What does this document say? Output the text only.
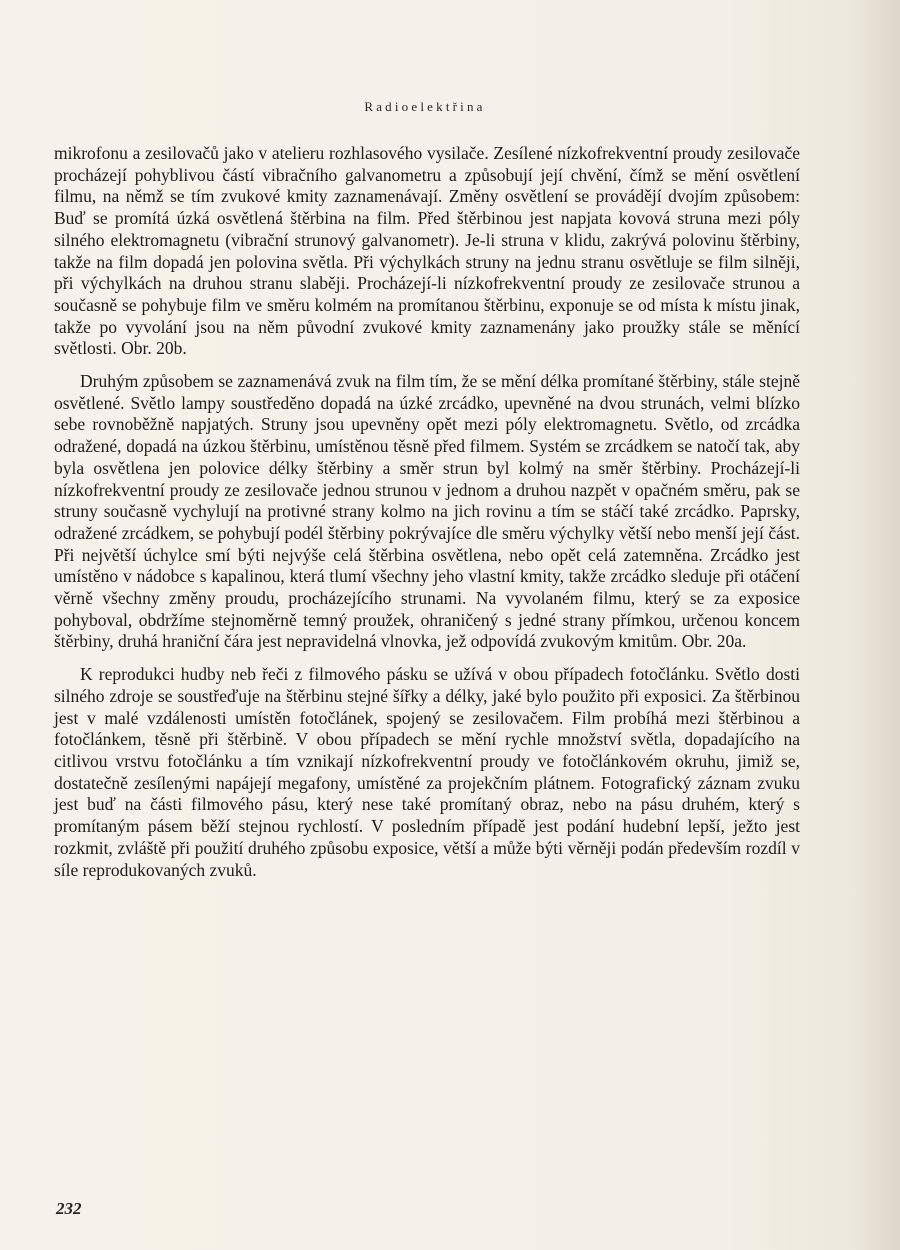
Radioelektřina

mikrofonu a zesilovačů jako v atelieru rozhlasového vysilače. Zesílené nízkofrekventní proudy zesilovače procházejí pohyblivou částí vibračního galvanometru a způsobují její chvění, čímž se mění osvětlení filmu, na němž se tím zvukové kmity zaznamenávají. Změny osvětlení se provádějí dvojím způsobem: Buď se promítá úzká osvětlená štěrbina na film. Před štěrbinou jest napjata kovová struna mezi póly silného elektromagnetu (vibrační strunový galvanometr). Je-li struna v klidu, zakrývá polovinu štěrbiny, takže na film dopadá jen polovina světla. Při výchylkách struny na jednu stranu osvětluje se film silněji, při výchylkách na druhou stranu slaběji. Procházejí-li nízkofrekventní proudy ze zesilovače strunou a současně se pohybuje film ve směru kolmém na promítanou štěrbinu, exponuje se od místa k místu jinak, takže po vyvolání jsou na něm původní zvukové kmity zaznamenány jako proužky stále se měnící světlosti. Obr. 20b.

Druhým způsobem se zaznamenává zvuk na film tím, že se mění délka promítané štěrbiny, stále stejně osvětlené. Světlo lampy soustředěno dopadá na úzké zrcádko, upevněné na dvou strunách, velmi blízko sebe rovnoběžně napjatých. Struny jsou upevněny opět mezi póly elektromagnetu. Světlo, od zrcádka odražené, dopadá na úzkou štěrbinu, umístěnou těsně před filmem. Systém se zrcádkem se natočí tak, aby byla osvětlena jen polovice délky štěrbiny a směr strun byl kolmý na směr štěrbiny. Procházejí-li nízkofrekventní proudy ze zesilovače jednou strunou v jednom a druhou nazpět v opačném směru, pak se struny současně vychylují na protivné strany kolmo na jich rovinu a tím se stáčí také zrcádko. Paprsky, odražené zrcádkem, se pohybují podél štěrbiny pokrývajíce dle směru výchylky větší nebo menší její část. Při největší úchylce smí býti nejvýše celá štěrbina osvětlena, nebo opět celá zatemněna. Zrcádko jest umístěno v nádobce s kapalinou, která tlumí všechny jeho vlastní kmity, takže zrcádko sleduje při otáčení věrně všechny změny proudu, procházejícího strunami. Na vyvolaném filmu, který se za exposice pohyboval, obdržíme stejnoměrně temný proužek, ohraničený s jedné strany přímkou, určenou koncem štěrbiny, druhá hraniční čára jest nepravidelná vlnovka, jež odpovídá zvukovým kmitům. Obr. 20a.

K reprodukci hudby neb řeči z filmového pásku se užívá v obou případech fotočlánku. Světlo dosti silného zdroje se soustřeďuje na štěrbinu stejné šířky a délky, jaké bylo použito při exposici. Za štěrbinou jest v malé vzdálenosti umístěn fotočlánek, spojený se zesilovačem. Film probíhá mezi štěrbinou a fotočlánkem, těsně při štěrbině. V obou případech se mění rychle množství světla, dopadajícího na citlivou vrstvu fotočlánku a tím vznikají nízkofrekventní proudy ve fotočlánkovém okruhu, jimiž se, dostatečně zesílenými napájejí megafony, umístěné za projekčním plátnem. Fotografický záznam zvuku jest buď na části filmového pásu, který nese také promítaný obraz, nebo na pásu druhém, který s promítaným pásem běží stejnou rychlostí. V posledním případě jest podání hudební lepší, ježto jest rozkmit, zvláště při použití druhého způsobu exposice, větší a může býti věrněji podán především rozdíl v síle reprodukovaných zvuků.

232
